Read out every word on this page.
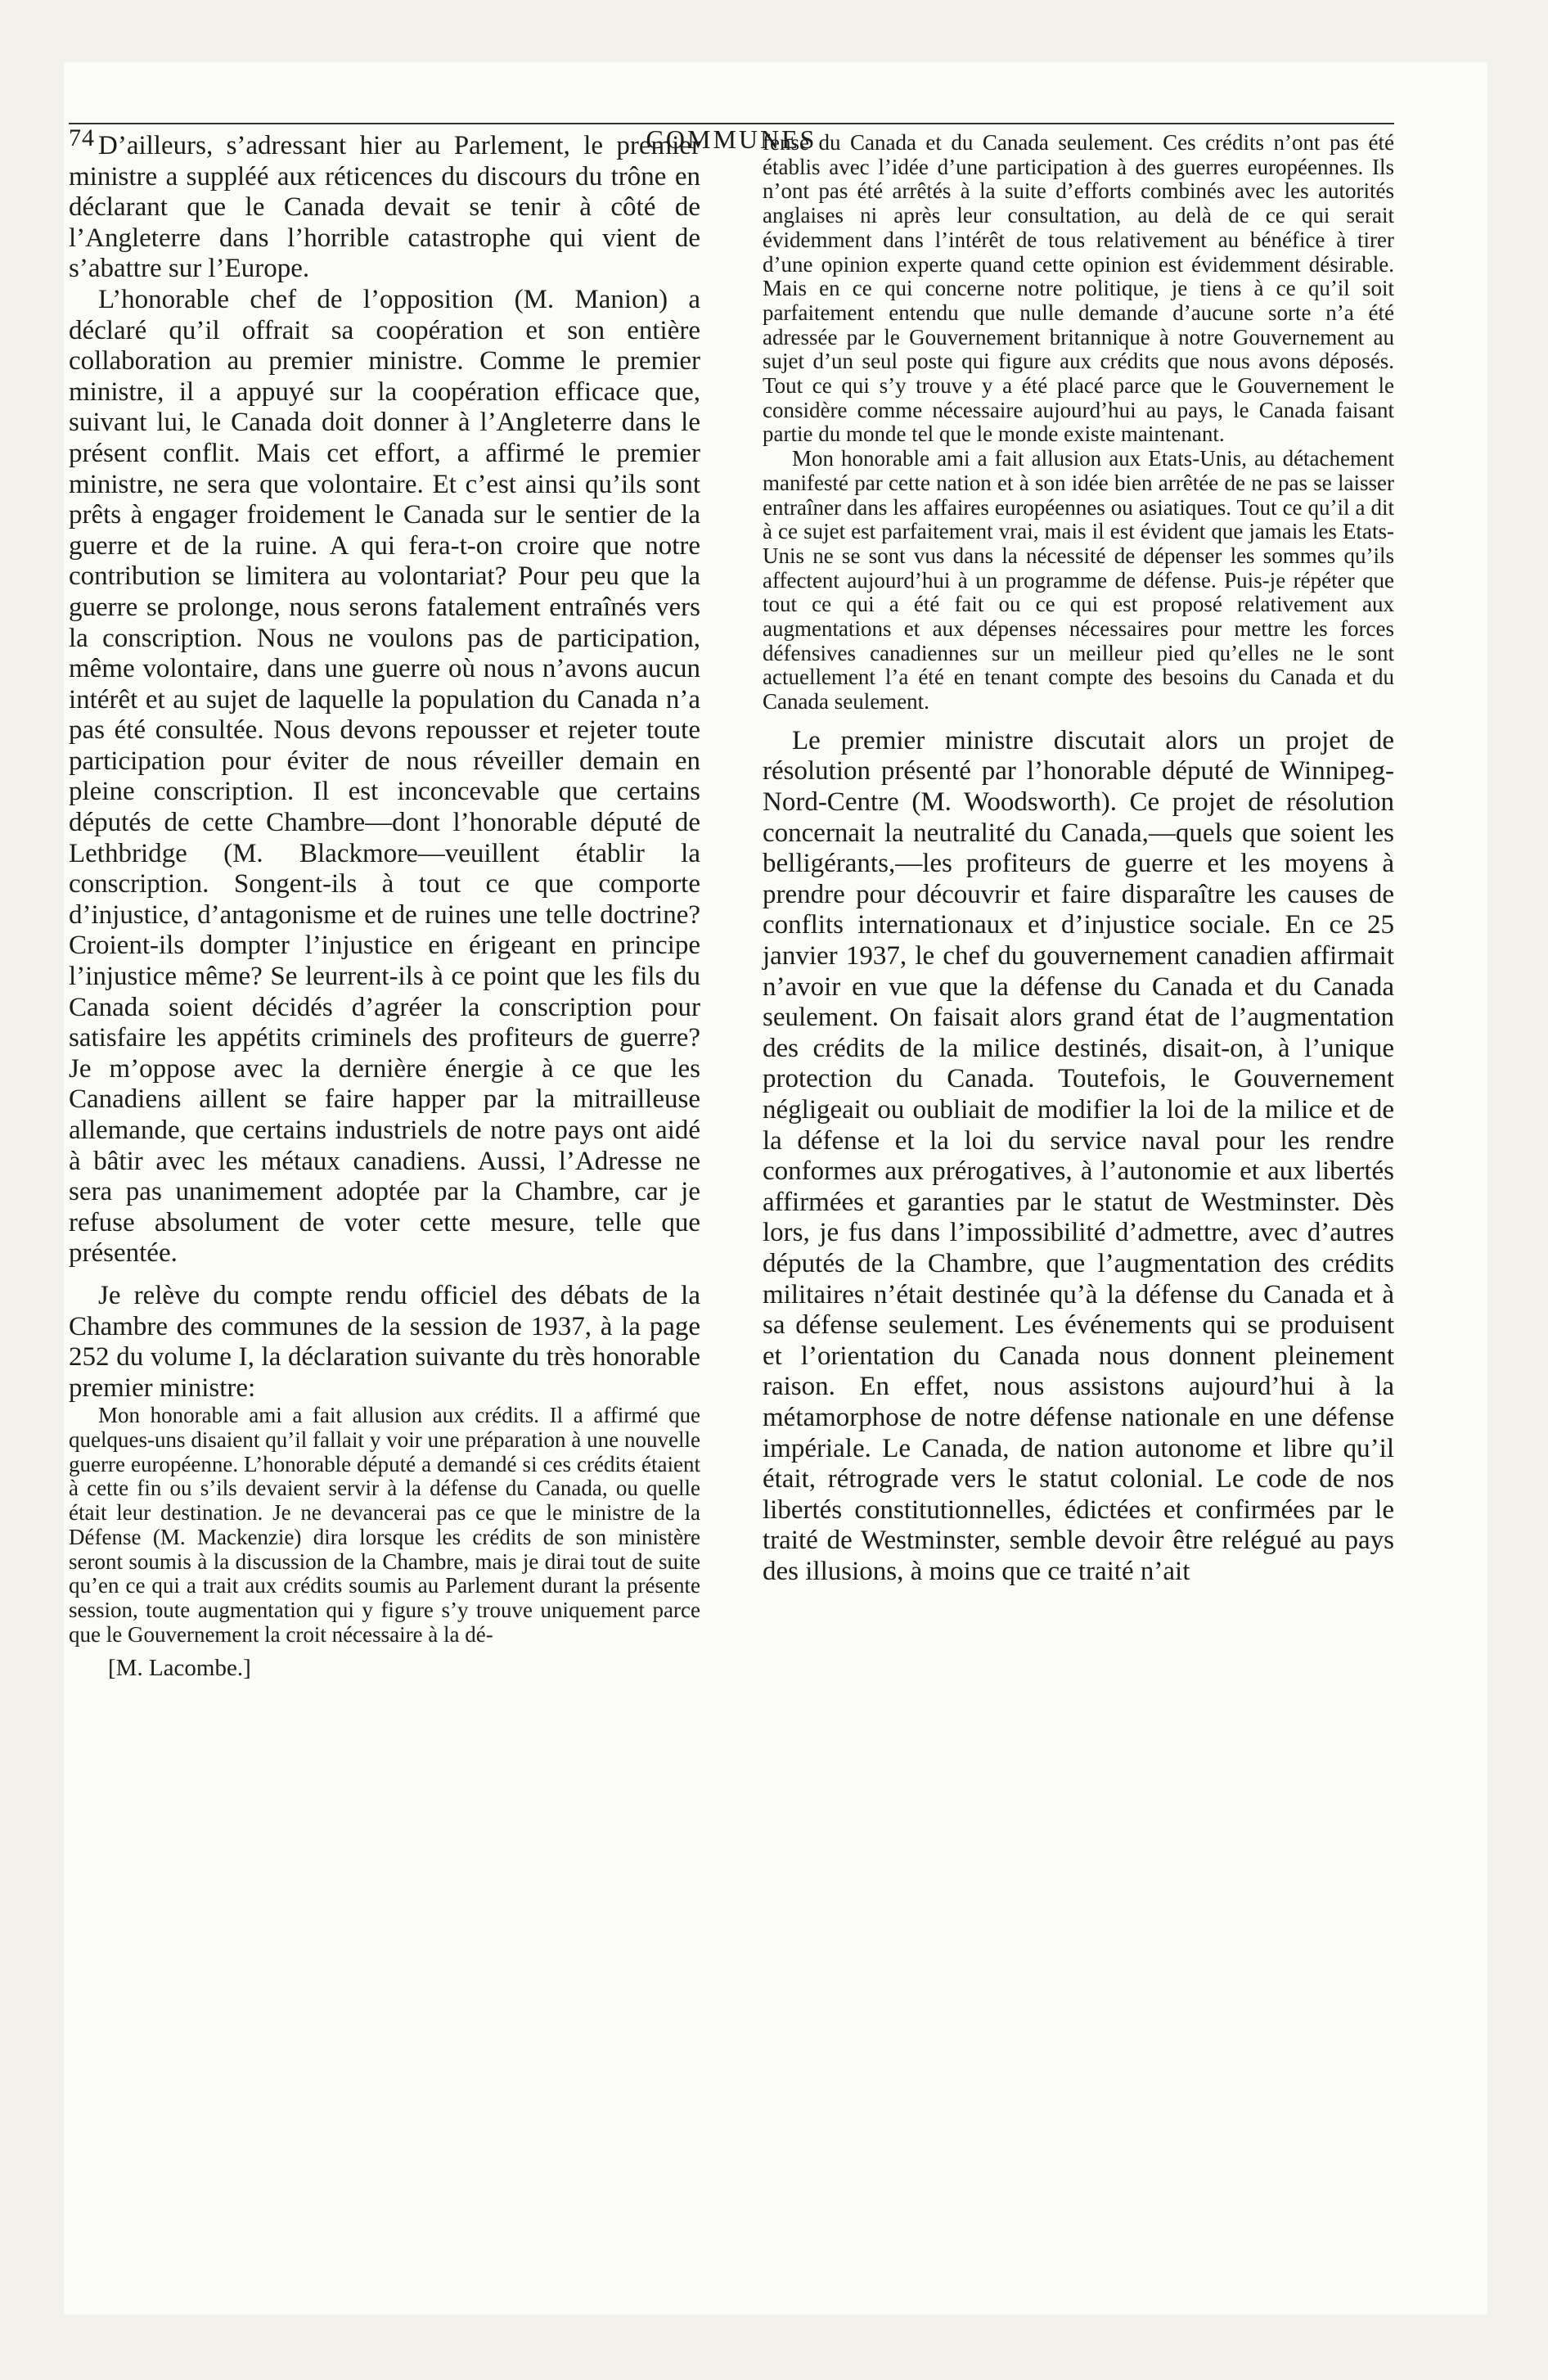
74	COMMUNES

D’ailleurs, s’adressant hier au Parlement, le premier ministre a suppléé aux réticences du discours du trône en déclarant que le Canada devait se tenir à côté de l’Angleterre dans l’horrible catastrophe qui vient de s’abattre sur l’Europe.

L’honorable chef de l’opposition (M. Manion) a déclaré qu’il offrait sa coopération et son entière collaboration au premier ministre. Comme le premier ministre, il a appuyé sur la coopération efficace que, suivant lui, le Canada doit donner à l’Angleterre dans le présent conflit. Mais cet effort, a affirmé le premier ministre, ne sera que volontaire. Et c’est ainsi qu’ils sont prêts à engager froidement le Canada sur le sentier de la guerre et de la ruine. A qui fera-t-on croire que notre contribution se limitera au volontariat? Pour peu que la guerre se prolonge, nous serons fatalement entraînés vers la conscription. Nous ne voulons pas de participation, même volontaire, dans une guerre où nous n’avons aucun intérêt et au sujet de laquelle la population du Canada n’a pas été consultée. Nous devons repousser et rejeter toute participation pour éviter de nous réveiller demain en pleine conscription. Il est inconcevable que certains députés de cette Chambre—dont l’honorable député de Lethbridge (M. Blackmore—veuillent établir la conscription. Songent-ils à tout ce que comporte d’injustice, d’antagonisme et de ruines une telle doctrine? Croient-ils dompter l’injustice en érigeant en principe l’injustice même? Se leurrent-ils à ce point que les fils du Canada soient décidés d’agréer la conscription pour satisfaire les appétits criminels des profiteurs de guerre? Je m’oppose avec la dernière énergie à ce que les Canadiens aillent se faire happer par la mitrailleuse allemande, que certains industriels de notre pays ont aidé à bâtir avec les métaux canadiens. Aussi, l’Adresse ne sera pas unanimement adoptée par la Chambre, car je refuse absolument de voter cette mesure, telle que présentée.

Je relève du compte rendu officiel des débats de la Chambre des communes de la session de 1937, à la page 252 du volume I, la déclaration suivante du très honorable premier ministre:

Mon honorable ami a fait allusion aux crédits. Il a affirmé que quelques-uns disaient qu’il fallait y voir une préparation à une nouvelle guerre européenne. L’honorable député a demandé si ces crédits étaient à cette fin ou s’ils devaient servir à la défense du Canada, ou quelle était leur destination. Je ne devancerai pas ce que le ministre de la Défense (M. Mackenzie) dira lorsque les crédits de son ministère seront soumis à la discussion de la Chambre, mais je dirai tout de suite qu’en ce qui a trait aux crédits soumis au Parlement durant la présente session, toute augmentation qui y figure s’y trouve uniquement parce que le Gouvernement la croit nécessaire à la dé-

[M. Lacombe.]

fense du Canada et du Canada seulement. Ces crédits n’ont pas été établis avec l’idée d’une participation à des guerres européennes. Ils n’ont pas été arrêtés à la suite d’efforts combinés avec les autorités anglaises ni après leur consultation, au delà de ce qui serait évidemment dans l’intérêt de tous relativement au bénéfice à tirer d’une opinion experte quand cette opinion est évidemment désirable. Mais en ce qui concerne notre politique, je tiens à ce qu’il soit parfaitement entendu que nulle demande d’aucune sorte n’a été adressée par le Gouvernement britannique à notre Gouvernement au sujet d’un seul poste qui figure aux crédits que nous avons déposés. Tout ce qui s’y trouve y a été placé parce que le Gouvernement le considère comme nécessaire aujourd’hui au pays, le Canada faisant partie du monde tel que le monde existe maintenant.

Mon honorable ami a fait allusion aux Etats-Unis, au détachement manifesté par cette nation et à son idée bien arrêtée de ne pas se laisser entraîner dans les affaires européennes ou asiatiques. Tout ce qu’il a dit à ce sujet est parfaitement vrai, mais il est évident que jamais les Etats-Unis ne se sont vus dans la nécessité de dépenser les sommes qu’ils affectent aujourd’hui à un programme de défense. Puis-je répéter que tout ce qui a été fait ou ce qui est proposé relativement aux augmentations et aux dépenses nécessaires pour mettre les forces défensives canadiennes sur un meilleur pied qu’elles ne le sont actuellement l’a été en tenant compte des besoins du Canada et du Canada seulement.

Le premier ministre discutait alors un projet de résolution présenté par l’honorable député de Winnipeg-Nord-Centre (M. Woodsworth). Ce projet de résolution concernait la neutralité du Canada,—quels que soient les belligérants,—les profiteurs de guerre et les moyens à prendre pour découvrir et faire disparaître les causes de conflits internationaux et d’injustice sociale. En ce 25 janvier 1937, le chef du gouvernement canadien affirmait n’avoir en vue que la défense du Canada et du Canada seulement. On faisait alors grand état de l’augmentation des crédits de la milice destinés, disait-on, à l’unique protection du Canada. Toutefois, le Gouvernement négligeait ou oubliait de modifier la loi de la milice et de la défense et la loi du service naval pour les rendre conformes aux prérogatives, à l’autonomie et aux libertés affirmées et garanties par le statut de Westminster. Dès lors, je fus dans l’impossibilité d’admettre, avec d’autres députés de la Chambre, que l’augmentation des crédits militaires n’était destinée qu’à la défense du Canada et à sa défense seulement. Les événements qui se produisent et l’orientation du Canada nous donnent pleinement raison. En effet, nous assistons aujourd’hui à la métamorphose de notre défense nationale en une défense impériale. Le Canada, de nation autonome et libre qu’il était, rétrograde vers le statut colonial. Le code de nos libertés constitutionnelles, édictées et confirmées par le traité de Westminster, semble devoir être relégué au pays des illusions, à moins que ce traité n’ait
